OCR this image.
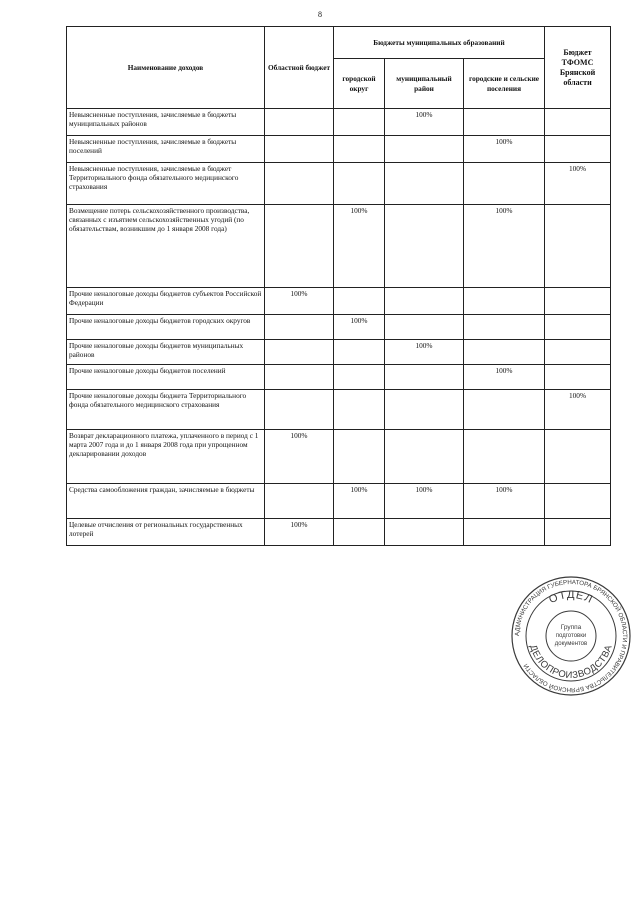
8
Наименование доходов	Областной бюджет	Бюджеты муниципальных образований			Бюджет ТФОМС Брянской области
		городской округ	муниципальный район	городские и сельские поселения	
Невыясненные поступления, зачисляемые в бюджеты муниципальных районов			100%		
Невыясненные поступления, зачисляемые в бюджеты поселений				100%	
Невыясненные поступления, зачисляемые в бюджет Территориального фонда обязательного медицинского страхования					100%
Возмещение потерь сельскохозяйственного производства, связанных с изъятием сельскохозяйственных угодий (по обязательствам, возникшим до 1 января 2008 года)		100%		100%	
Прочие неналоговые доходы бюджетов субъектов Российской Федерации	100%				
Прочие неналоговые доходы бюджетов городских округов		100%			
Прочие неналоговые доходы бюджетов муниципальных районов			100%		
Прочие неналоговые доходы бюджетов поселений				100%	
Прочие неналоговые доходы бюджета Территориального фонда обязательного медицинского страхования					100%
Возврат декларационного платежа, уплаченного в период с 1 марта 2007 года и до 1 января 2008 года при упрощенном декларировании доходов	100%				
Средства самообложения граждан, зачисляемые в бюджеты		100%	100%	100%	
Целевые отчисления от региональных государственных лотерей	100%				
АДМИНИСТРАЦИЯ ГУБЕРНАТОРА БРЯНСКОЙ ОБЛАСТИ И ПРАВИТЕЛЬСТВА БРЯНСКОЙ ОБЛАСТИ
ОТДЕЛ
ДЕЛОПРОИЗВОДСТВА
Группа
подготовки
документов
